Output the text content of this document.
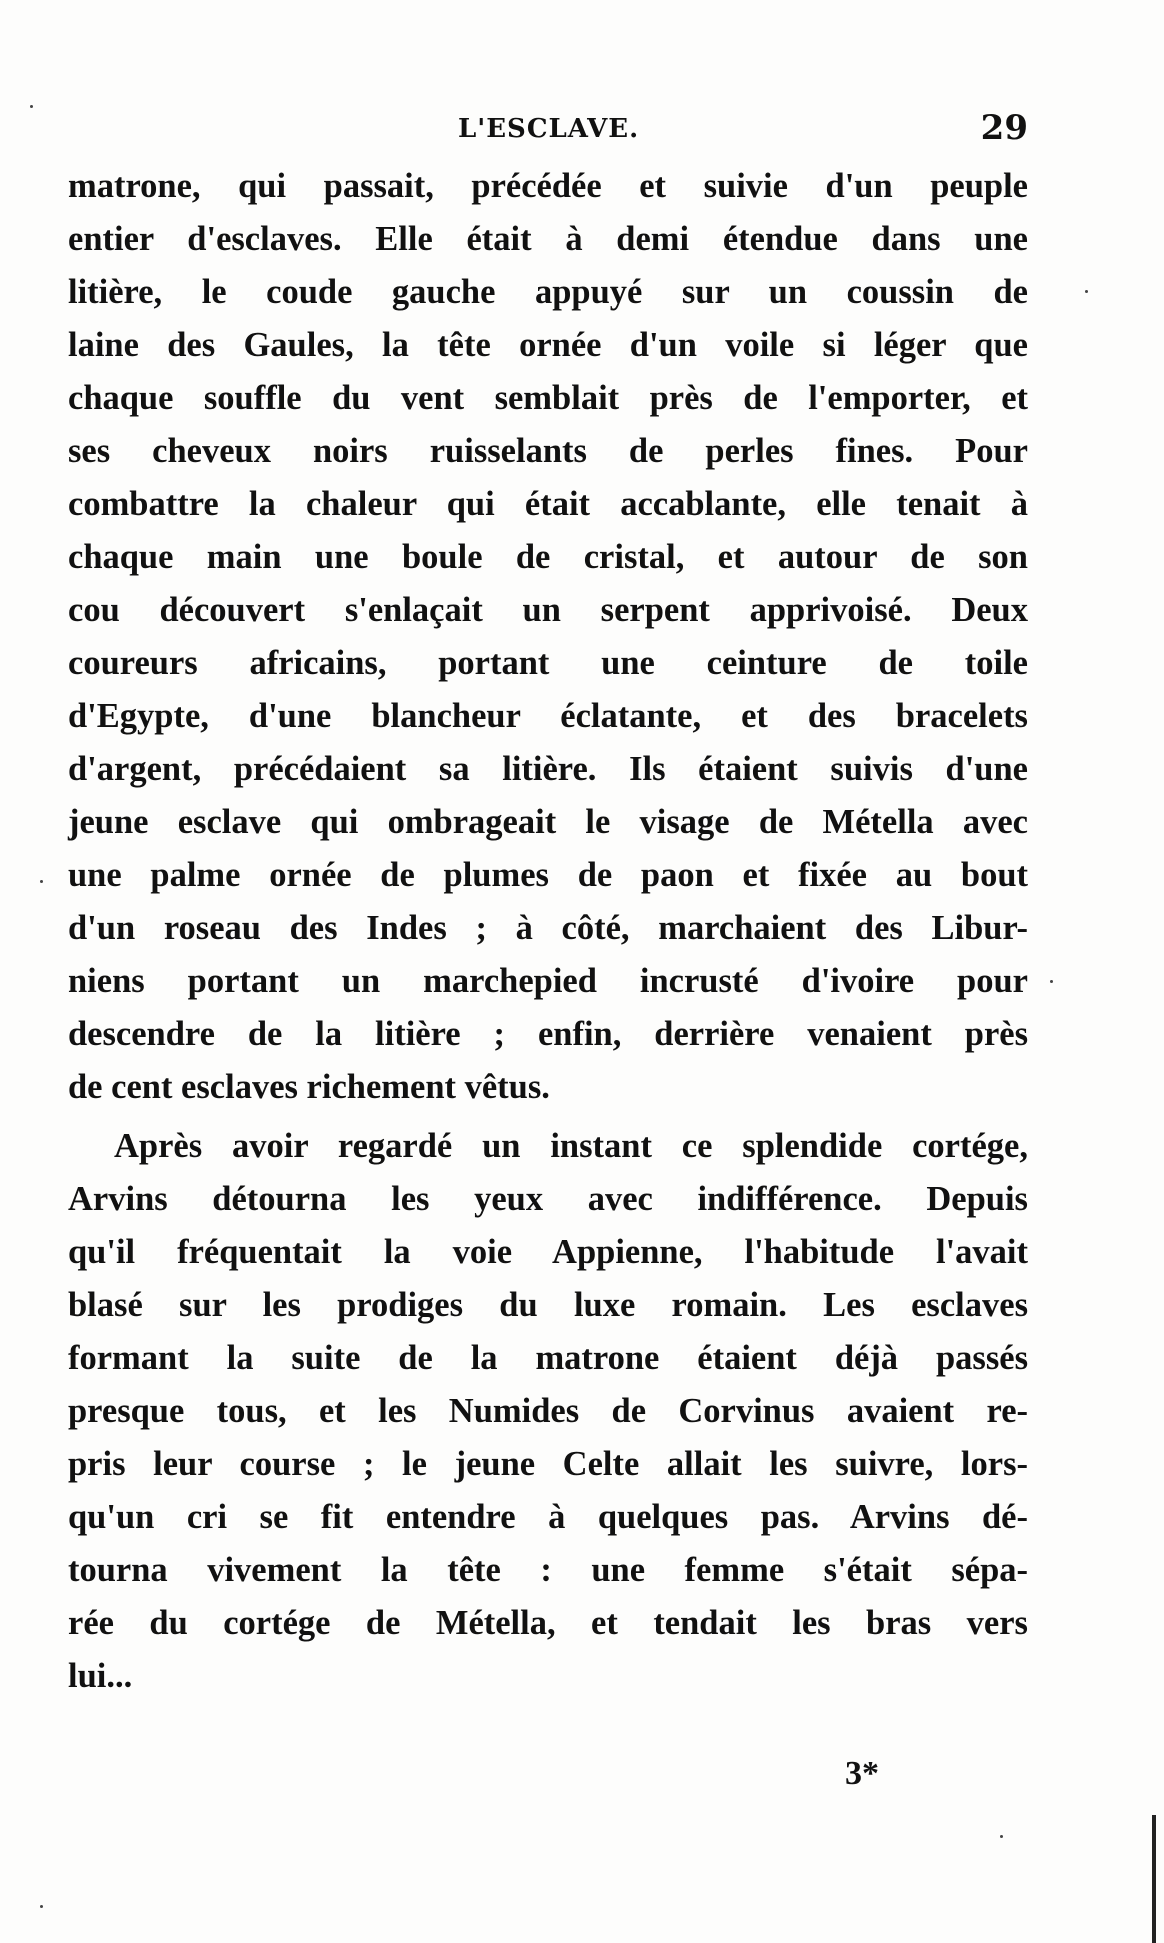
L'ESCLAVE.	29
matrone, qui passait, précédée et suivie d'un peuple
entier d'esclaves. Elle était à demi étendue dans une
litière, le coude gauche appuyé sur un coussin de
laine des Gaules, la tête ornée d'un voile si léger que
chaque souffle du vent semblait près de l'emporter, et
ses cheveux noirs ruisselants de perles fines. Pour
combattre la chaleur qui était accablante, elle tenait à
chaque main une boule de cristal, et autour de son
cou découvert s'enlaçait un serpent apprivoisé. Deux
coureurs africains, portant une ceinture de toile
d'Egypte, d'une blancheur éclatante, et des bracelets
d'argent, précédaient sa litière. Ils étaient suivis d'une
jeune esclave qui ombrageait le visage de Métella avec
une palme ornée de plumes de paon et fixée au bout
d'un roseau des Indes ; à côté, marchaient des Libur-
niens portant un marchepied incrusté d'ivoire pour
descendre de la litière ; enfin, derrière venaient près
de cent esclaves richement vêtus.
Après avoir regardé un instant ce splendide cortége,
Arvins détourna les yeux avec indifférence. Depuis
qu'il fréquentait la voie Appienne, l'habitude l'avait
blasé sur les prodiges du luxe romain. Les esclaves
formant la suite de la matrone étaient déjà passés
presque tous, et les Numides de Corvinus avaient re-
pris leur course ; le jeune Celte allait les suivre, lors-
qu'un cri se fit entendre à quelques pas. Arvins dé-
tourna vivement la tête : une femme s'était sépa-
rée du cortége de Métella, et tendait les bras vers
lui...
3*
